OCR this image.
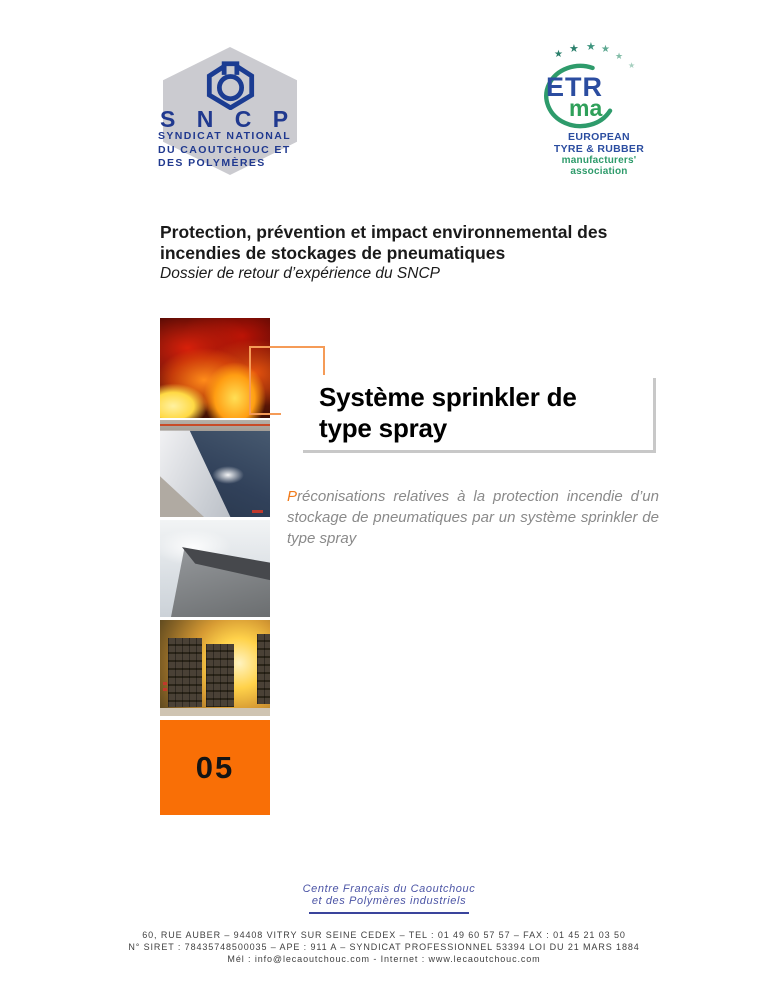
S N C P
SYNDICAT NATIONAL
DU CAOUTCHOUC ET
DES POLYMÈRES
★ ★ ★ ★
★
★
ETR
ma
EUROPEAN
TYRE & RUBBER
manufacturers'
association
Protection, prévention et impact environnemental des
incendies de stockages de pneumatiques
Dossier de retour d’expérience du SNCP
05
Système sprinkler de
type spray
Préconisations relatives à la protection incendie d’un stockage de pneumatiques par un système sprinkler de type spray
Centre Français du Caoutchouc
et des Polymères industriels
60, RUE AUBER – 94408 VITRY SUR SEINE CEDEX – TEL : 01 49 60 57 57 – FAX : 01 45 21 03 50
N° SIRET : 78435748500035 – APE : 911 A – SYNDICAT PROFESSIONNEL 53394 LOI DU 21 MARS 1884
Mél : info@lecaoutchouc.com - Internet : www.lecaoutchouc.com
